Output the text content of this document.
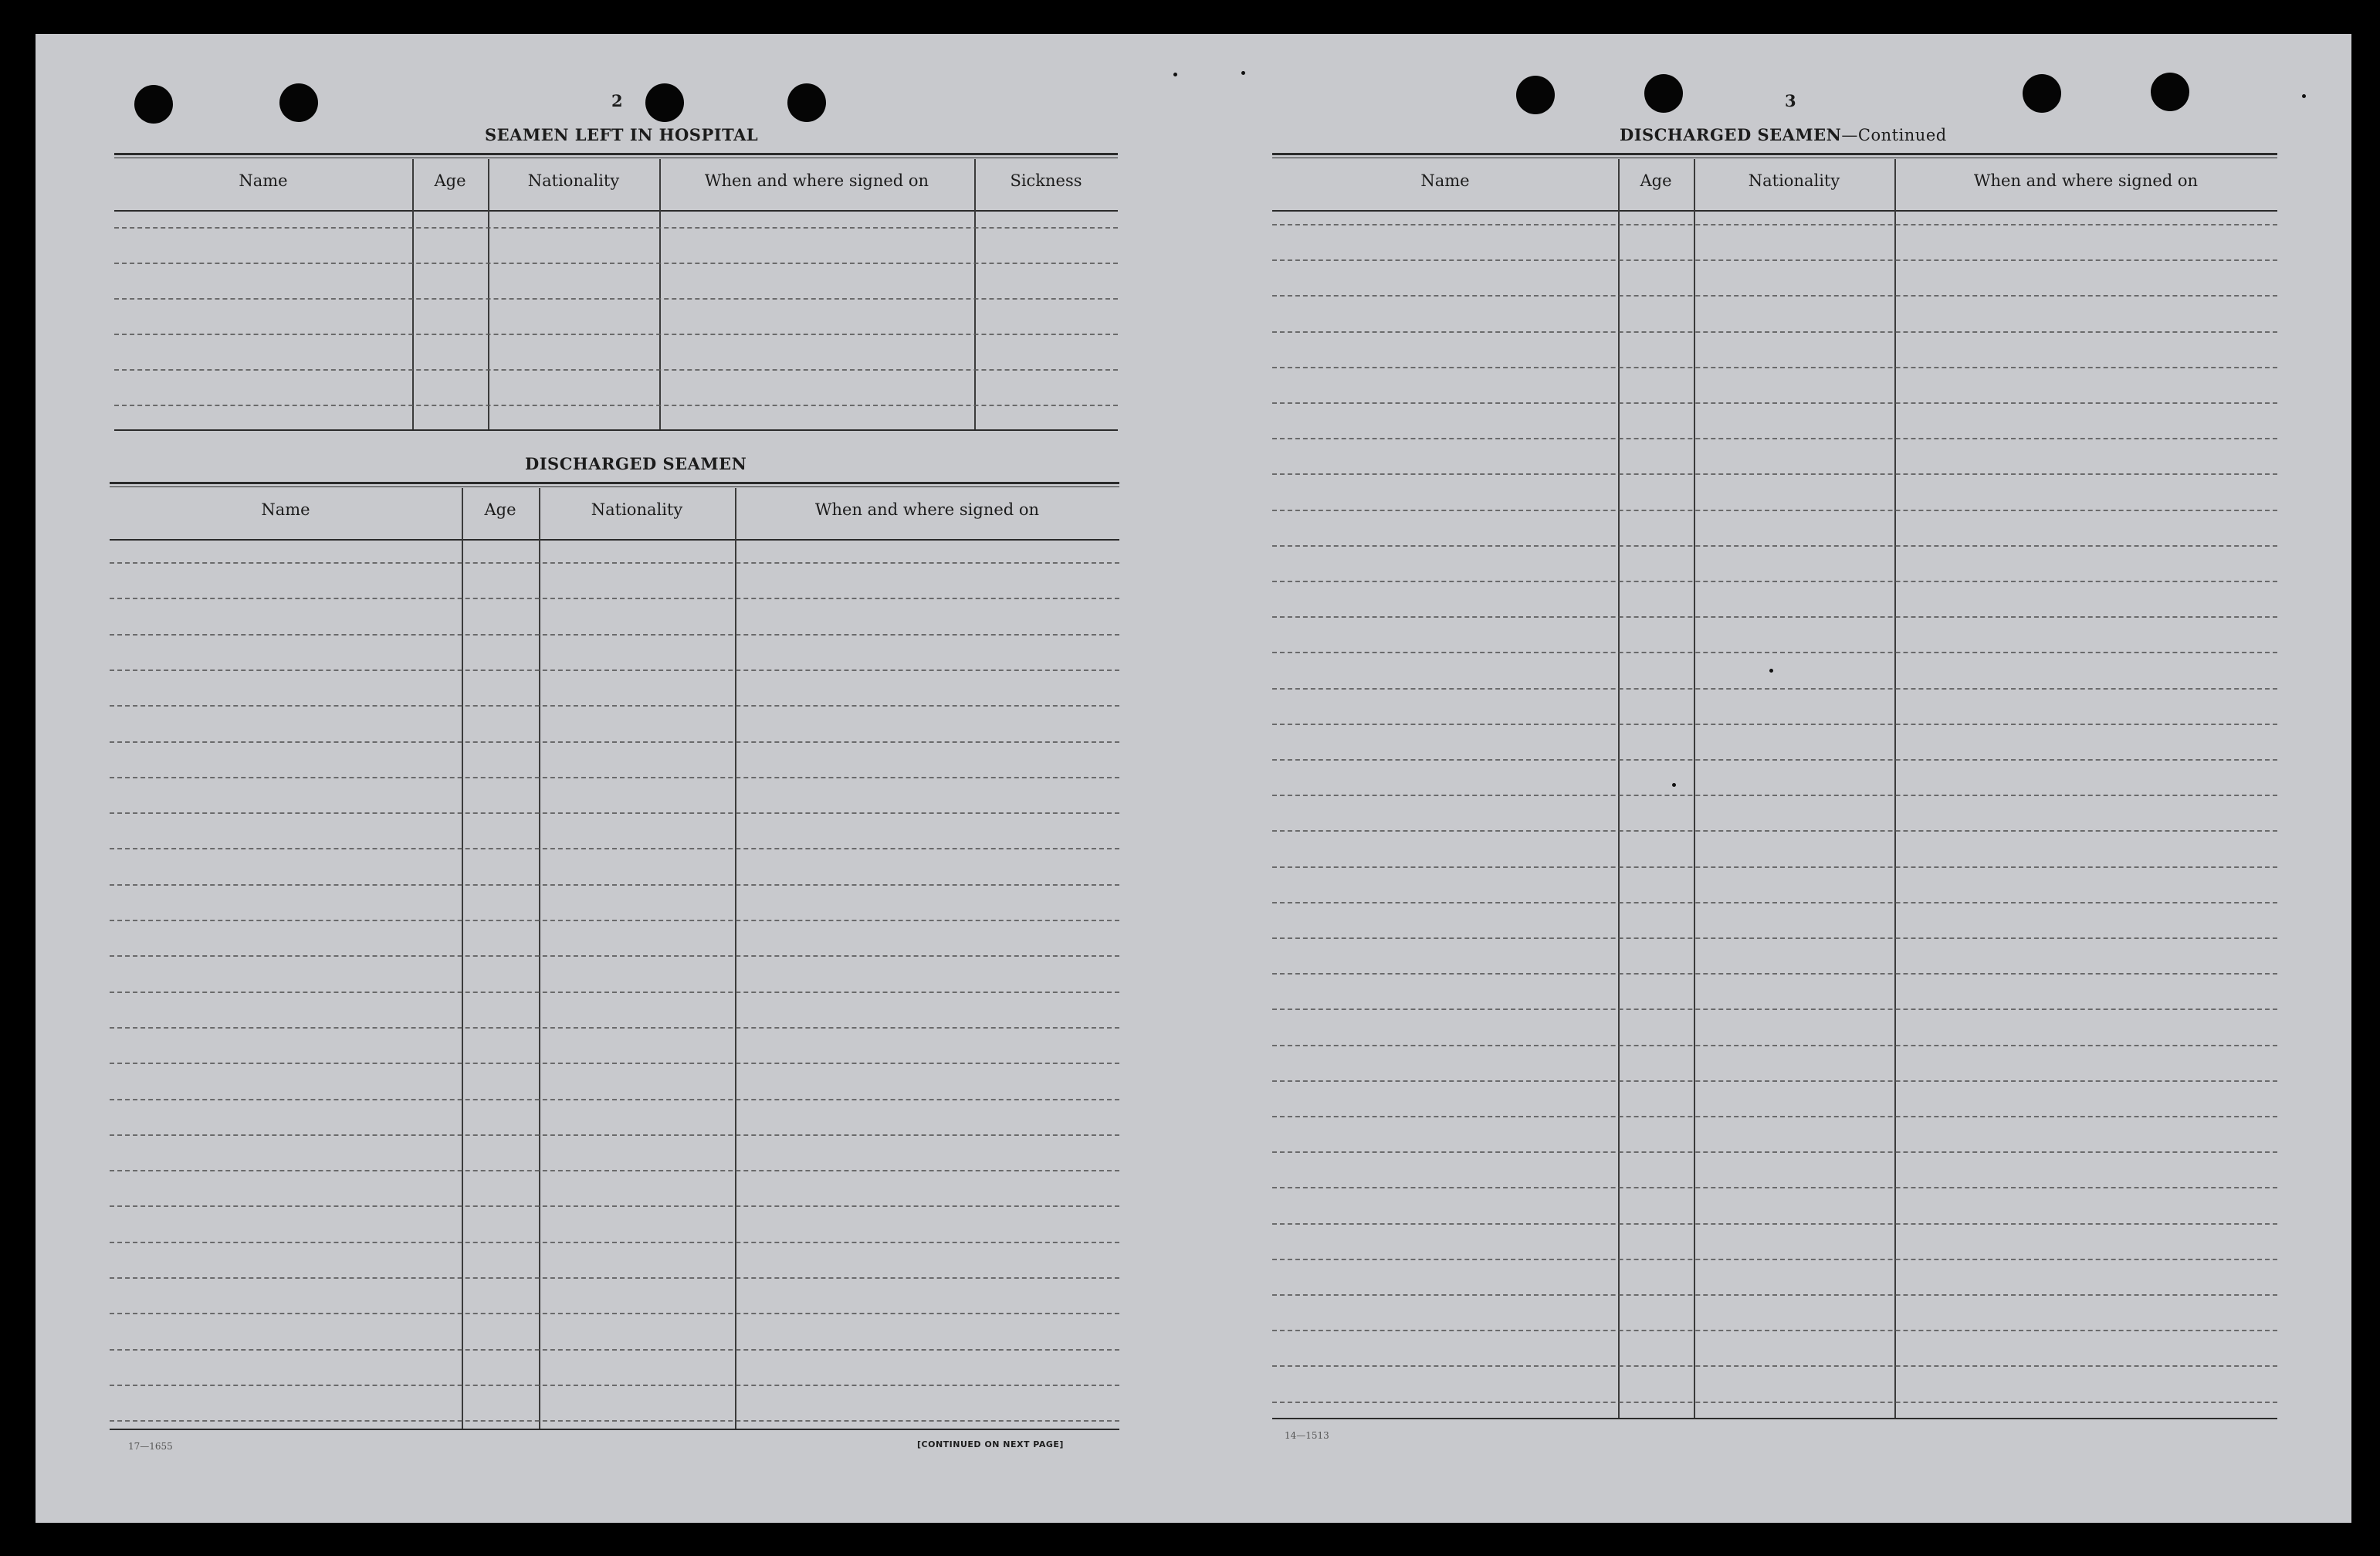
2
SEAMEN LEFT IN HOSPITAL
Name	Age	Nationality	When and where signed on	Sickness
DISCHARGED SEAMEN
Name	Age	Nationality	When and where signed on
17—1655	[CONTINUED ON NEXT PAGE]
3
DISCHARGED SEAMEN—Continued
Name	Age	Nationality	When and where signed on
14—1513
